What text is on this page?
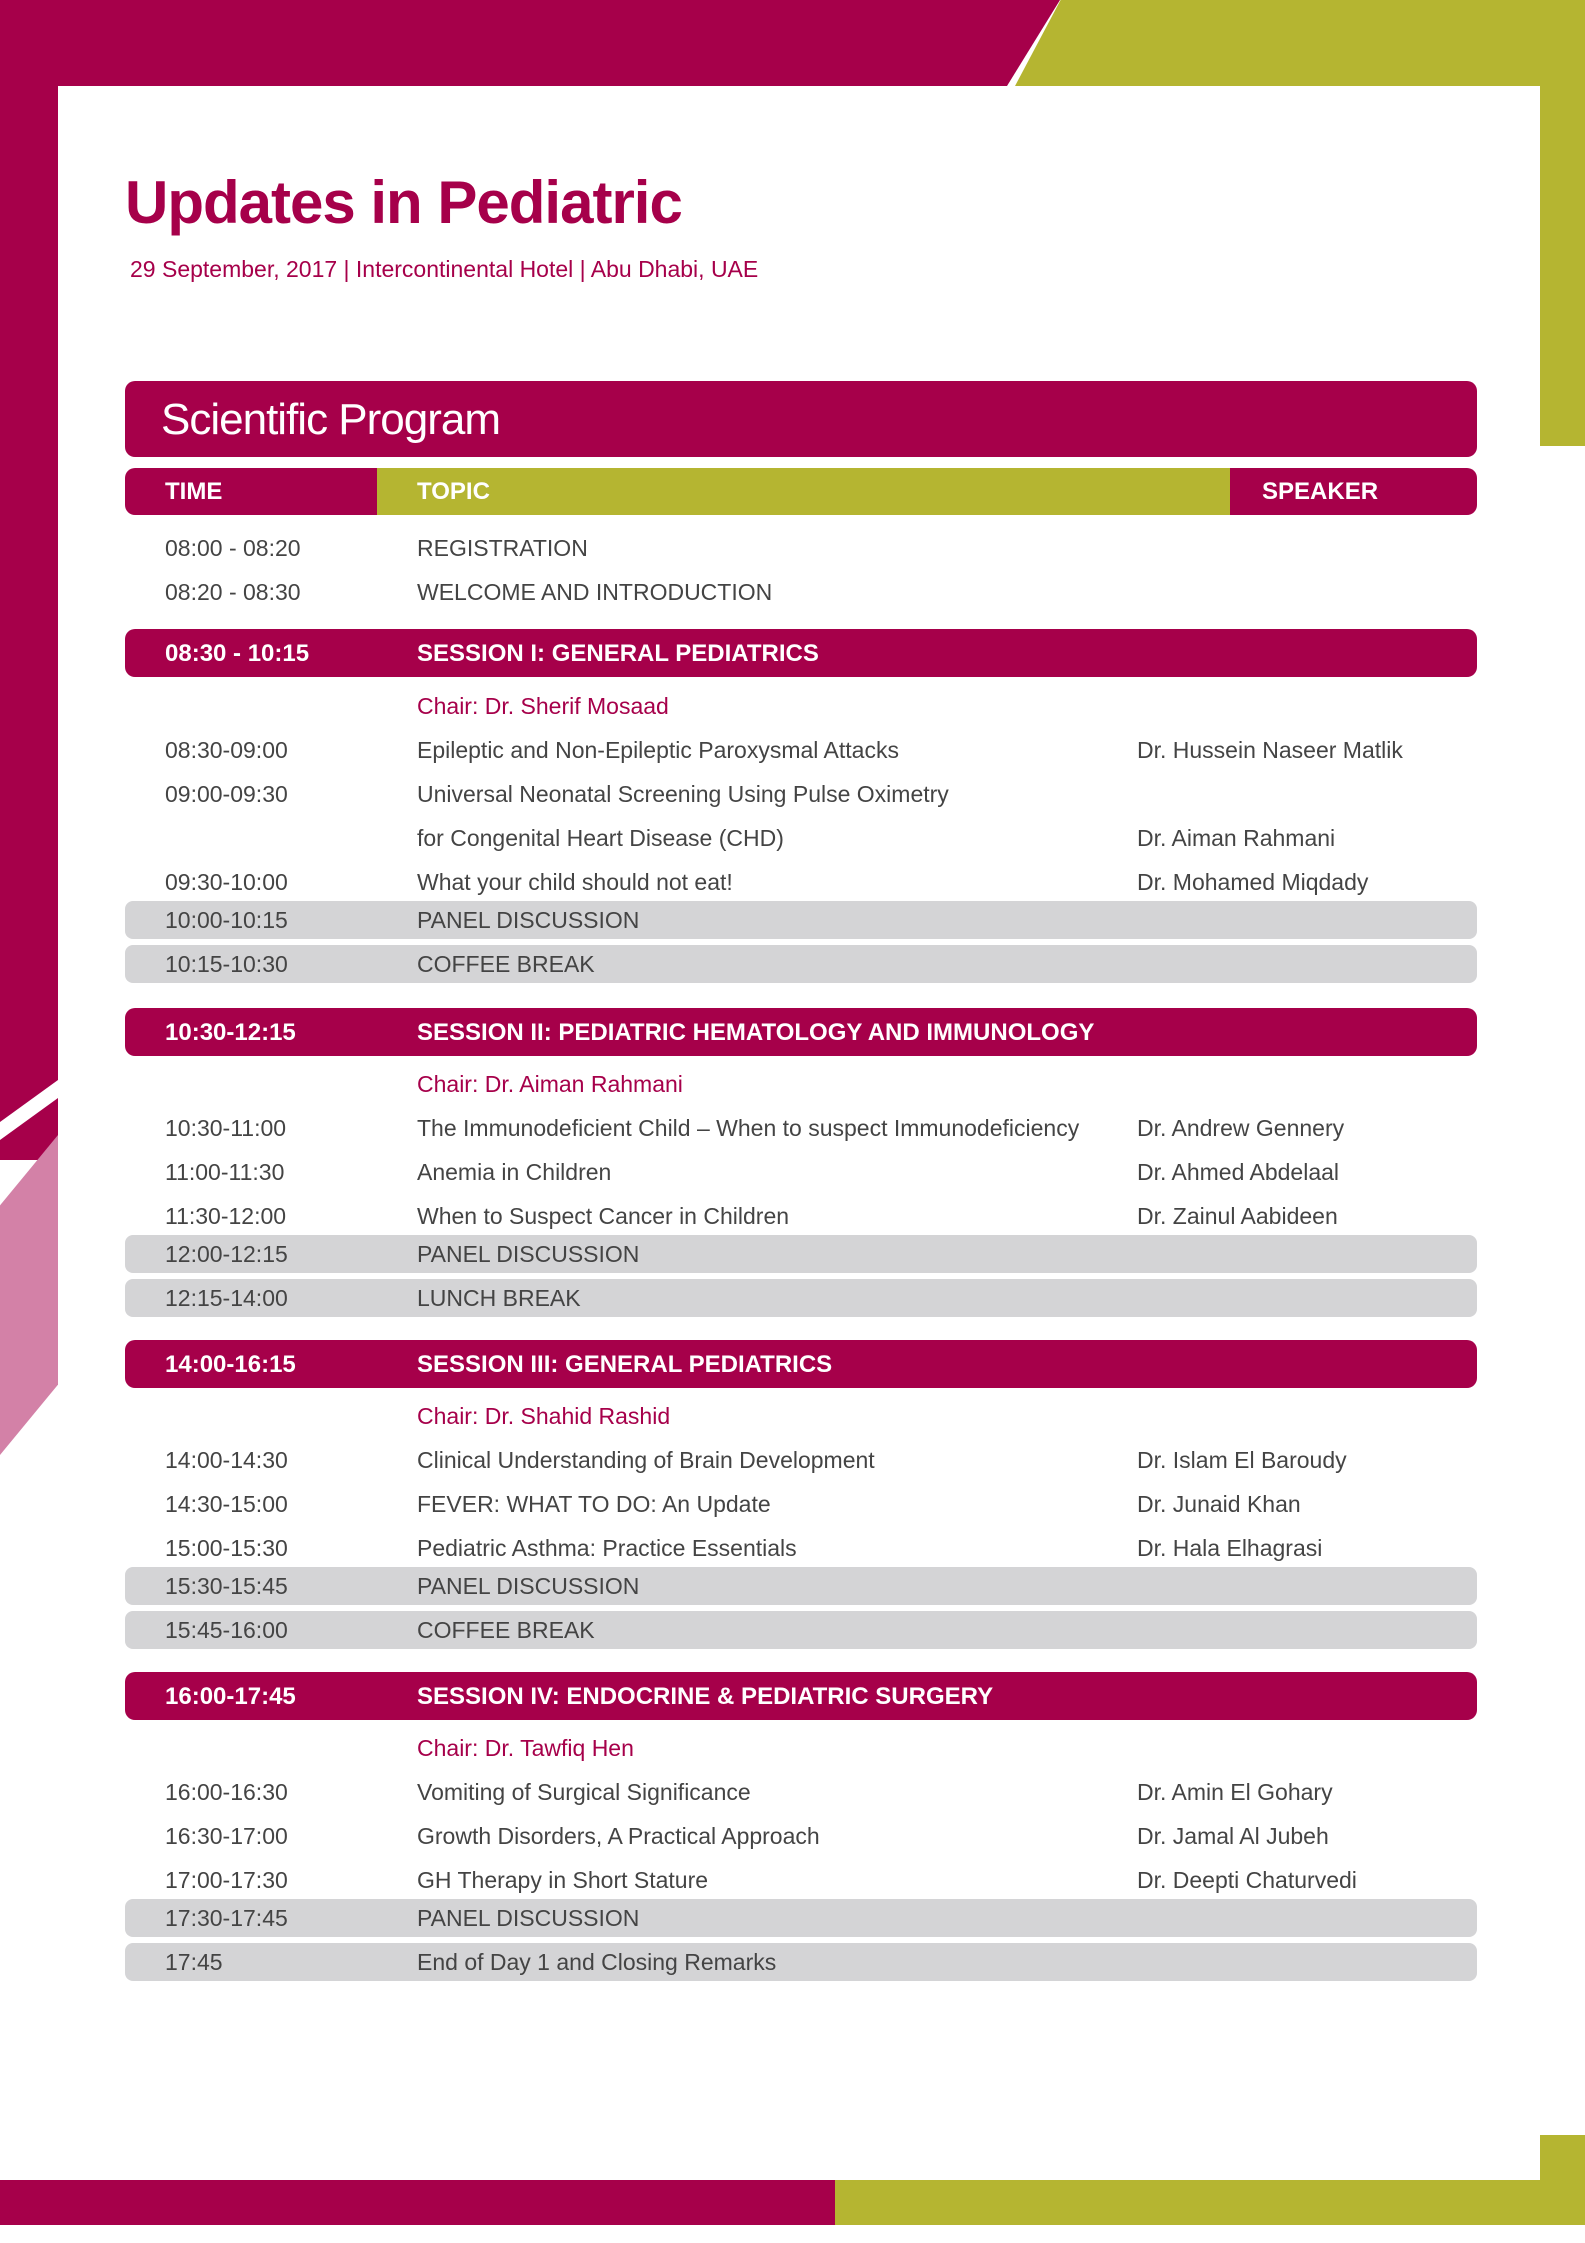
Updates in Pediatric
29 September, 2017 | Intercontinental Hotel | Abu Dhabi, UAE
Scientific Program
TIME	TOPIC	SPEAKER
08:00 - 08:20	REGISTRATION
08:20 - 08:30	WELCOME AND INTRODUCTION
08:30 - 10:15	SESSION I: GENERAL PEDIATRICS
Chair: Dr. Sherif Mosaad
08:30-09:00	Epileptic and Non-Epileptic Paroxysmal Attacks	Dr. Hussein Naseer Matlik
09:00-09:30	Universal Neonatal Screening Using Pulse Oximetry
for Congenital Heart Disease (CHD)	Dr. Aiman Rahmani
09:30-10:00	What your child should not eat!	Dr. Mohamed Miqdady
10:00-10:15	PANEL DISCUSSION
10:15-10:30	COFFEE BREAK
10:30-12:15	SESSION II: PEDIATRIC HEMATOLOGY AND IMMUNOLOGY
Chair: Dr. Aiman Rahmani
10:30-11:00	The Immunodeficient Child – When to suspect Immunodeficiency	Dr. Andrew Gennery
11:00-11:30	Anemia in Children	Dr. Ahmed Abdelaal
11:30-12:00	When to Suspect Cancer in Children	Dr. Zainul Aabideen
12:00-12:15	PANEL DISCUSSION
12:15-14:00	LUNCH BREAK
14:00-16:15	SESSION III: GENERAL PEDIATRICS
Chair: Dr. Shahid Rashid
14:00-14:30	Clinical Understanding of Brain Development	Dr. Islam El Baroudy
14:30-15:00	FEVER: WHAT TO DO: An Update	Dr. Junaid Khan
15:00-15:30	Pediatric Asthma: Practice Essentials	Dr. Hala Elhagrasi
15:30-15:45	PANEL DISCUSSION
15:45-16:00	COFFEE BREAK
16:00-17:45	SESSION IV: ENDOCRINE & PEDIATRIC SURGERY
Chair: Dr. Tawfiq Hen
16:00-16:30	Vomiting of Surgical Significance	Dr. Amin El Gohary
16:30-17:00	Growth Disorders, A Practical Approach	Dr. Jamal Al Jubeh
17:00-17:30	GH Therapy in Short Stature	Dr. Deepti Chaturvedi
17:30-17:45	PANEL DISCUSSION
17:45	End of Day 1 and Closing Remarks
